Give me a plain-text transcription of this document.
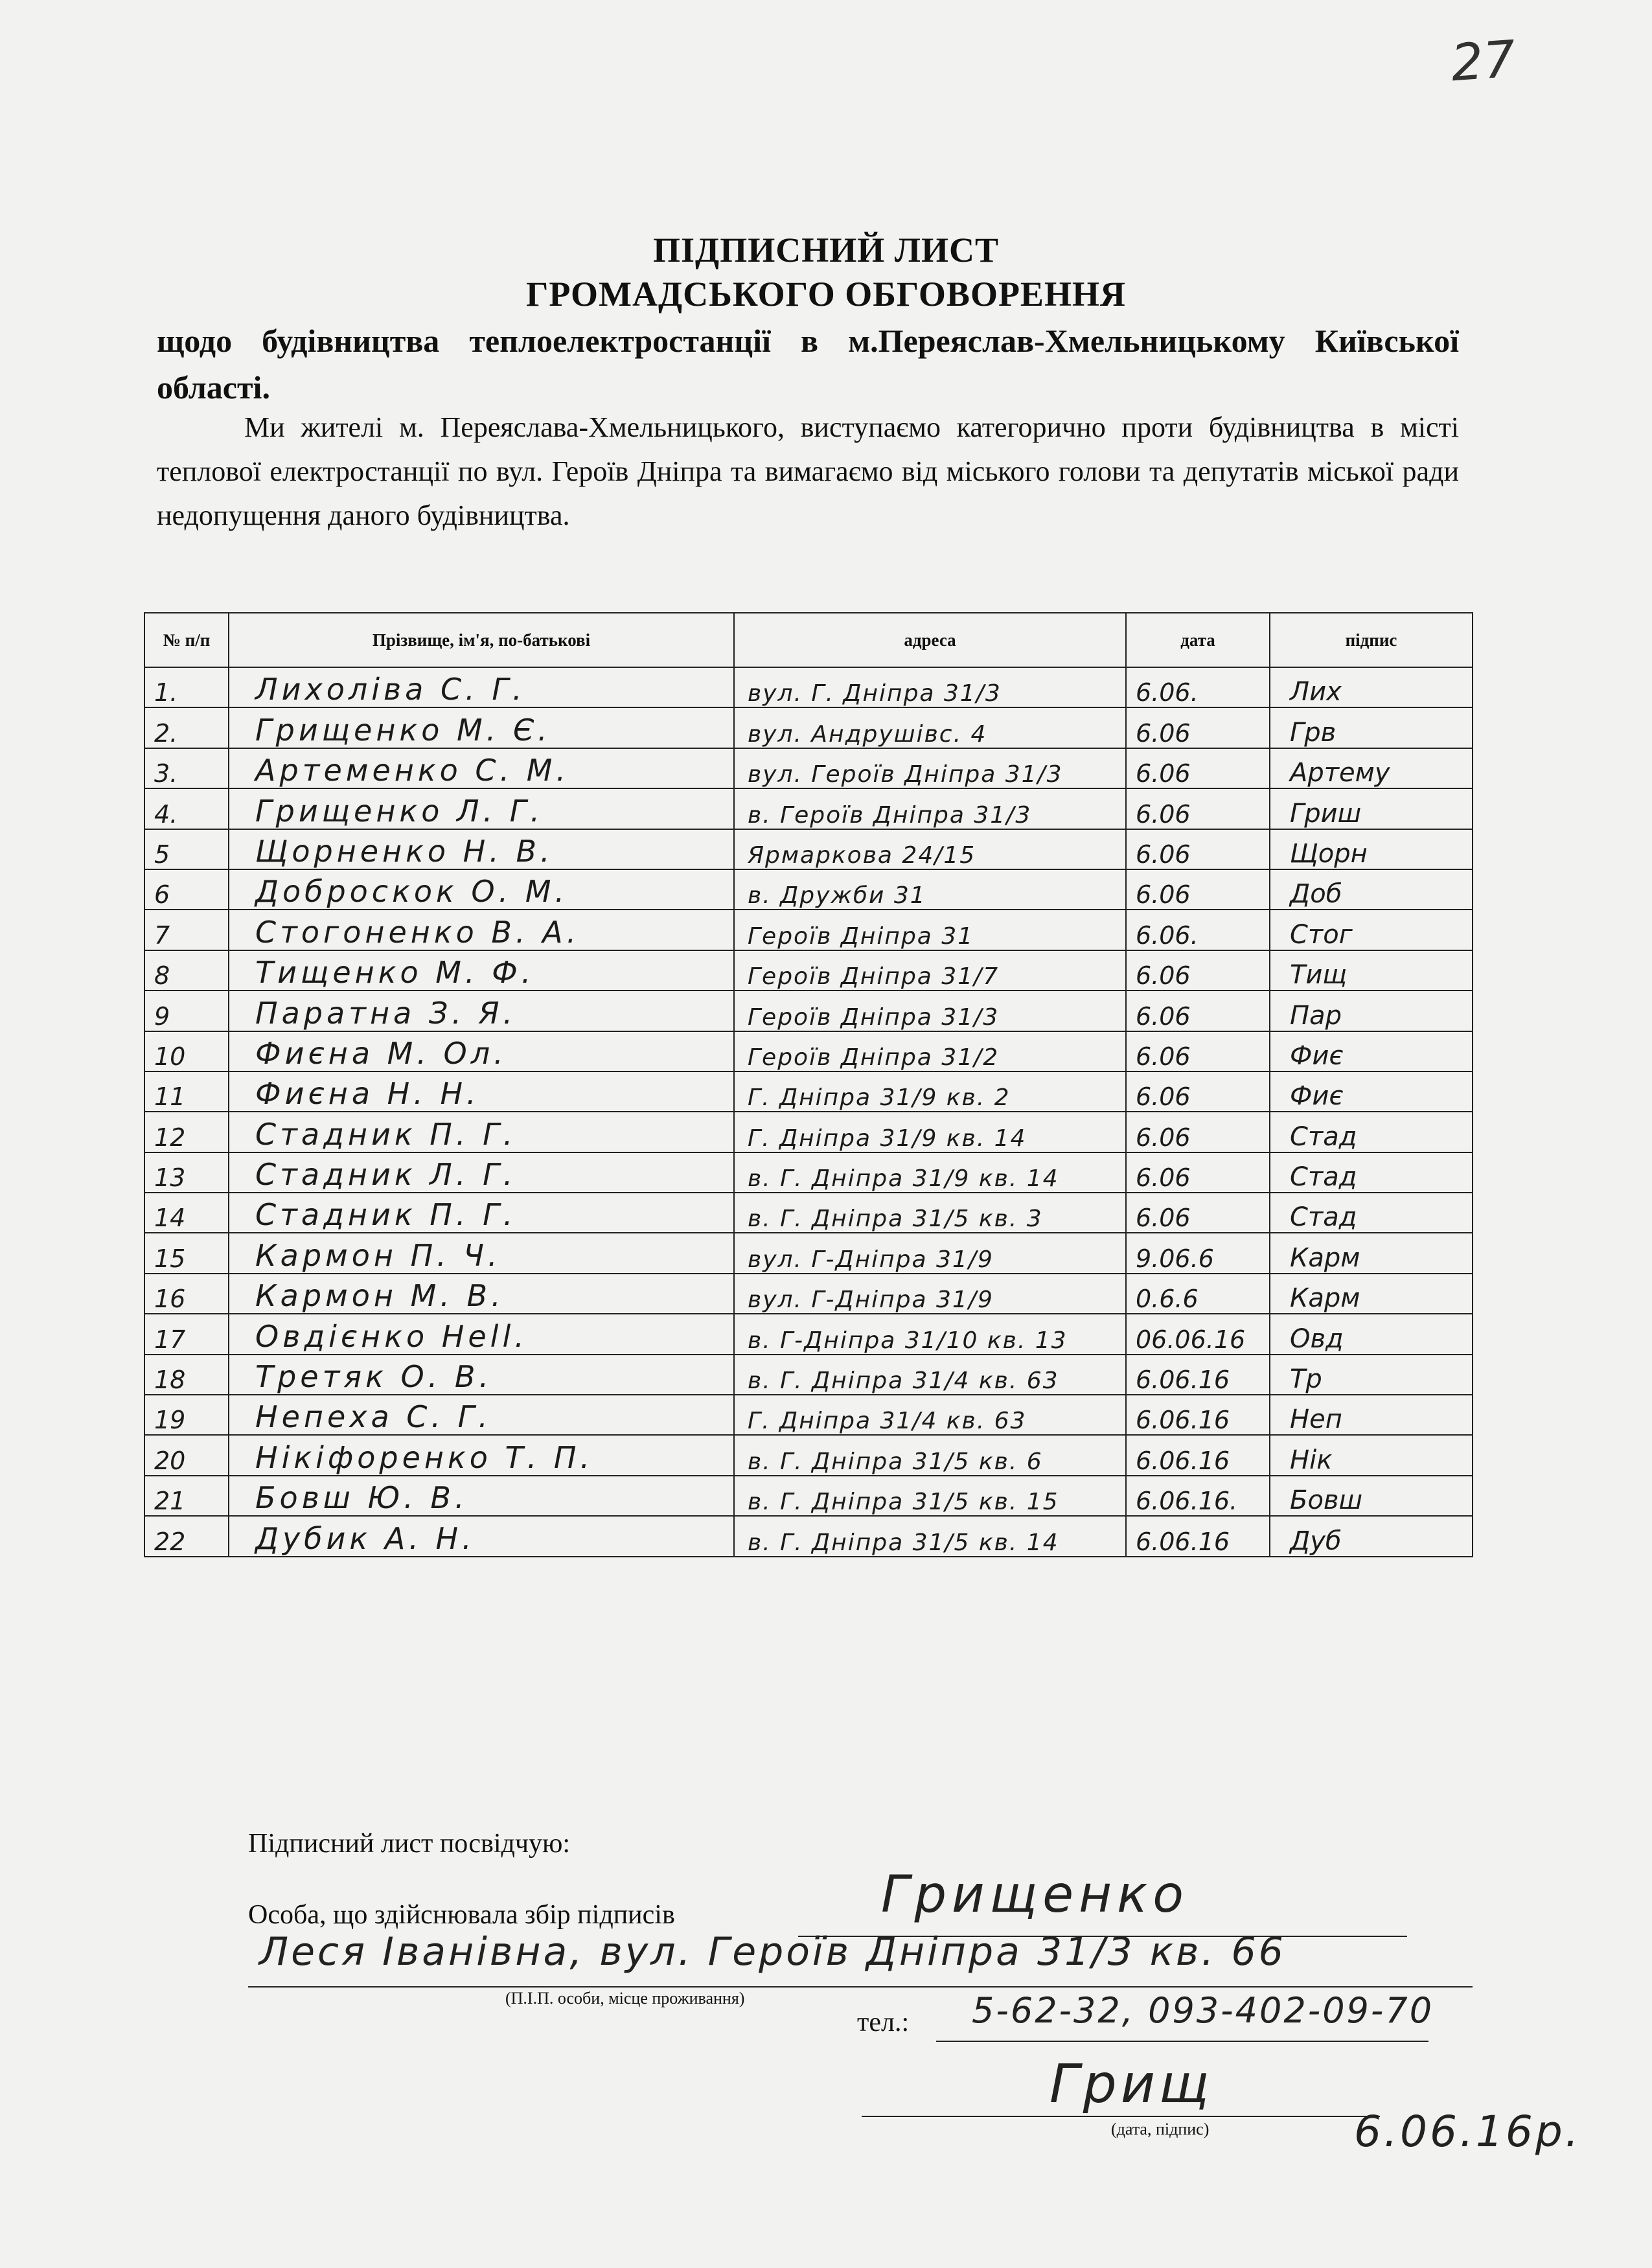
27
ПІДПИСНИЙ ЛИСТ
ГРОМАДСЬКОГО ОБГОВОРЕННЯ
щодо будівництва теплоелектростанції в м.Переяслав-Хмельницькому Київської області.
Ми жителі м. Переяслава-Хмельницького, виступаємо категорично проти будівництва в місті теплової електростанції по вул. Героїв Дніпра та вимагаємо від міського голови та депутатів міської ради недопущення даного будівництва.
№ п/п	Прізвище, ім'я, по-батькові	адреса	дата	підпис
1.	Лихоліва С. Г.	вул. Г. Дніпра 31/3	6.06.	Лих
2.	Грищенко М. Є.	вул. Андрушівс. 4	6.06	Грв
3.	Артеменко С. М.	вул. Героїв Дніпра 31/3	6.06	Артему
4.	Грищенко Л. Г.	в. Героїв Дніпра 31/3	6.06	Гриш
5	Щорненко Н. В.	Ярмаркова 24/15	6.06	Щорн
6	Доброскок О. М.	в. Дружби 31	6.06	Доб
7	Стогоненко В. А.	Героїв Дніпра 31	6.06.	Стог
8	Тищенко М. Ф.	Героїв Дніпра 31/7	6.06	Тищ
9	Паратна З. Я.	Героїв Дніпра 31/3	6.06	Пар
10	Фиєна М. Ол.	Героїв Дніпра 31/2	6.06	Фиє
11	Фиєна Н. Н.	Г. Дніпра 31/9 кв. 2	6.06	Фиє
12	Стадник П. Г.	Г. Дніпра 31/9 кв. 14	6.06	Стад
13	Стадник Л. Г.	в. Г. Дніпра 31/9 кв. 14	6.06	Стад
14	Стадник П. Г.	в. Г. Дніпра 31/5 кв. 3	6.06	Стад
15	Кармон П. Ч.	вул. Г-Дніпра 31/9	9.06.6	Карм
16	Кармон М. В.	вул. Г-Дніпра 31/9	0.6.6	Карм
17	Овдієнко Неll.	в. Г-Дніпра 31/10 кв. 13	06.06.16	Овд
18	Третяк О. В.	в. Г. Дніпра 31/4 кв. 63	6.06.16	Тр
19	Непеха С. Г.	Г. Дніпра 31/4 кв. 63	6.06.16	Неп
20	Нікіфоренко Т. П.	в. Г. Дніпра 31/5 кв. 6	6.06.16	Нік
21	Бовш Ю. В.	в. Г. Дніпра 31/5 кв. 15	6.06.16.	Бовш
22	Дубик А. Н.	в. Г. Дніпра 31/5 кв. 14	6.06.16	Дуб
Підписний лист посвідчую:
Особа, що здійснювала збір підписів	Грищенко
Леся Іванівна, вул. Героїв Дніпра 31/3 кв. 66
(П.І.П. особи, місце проживання)
тел.: 5-62-32, 093-402-09-70
Грищ
(дата, підпис)	6.06.16р.
